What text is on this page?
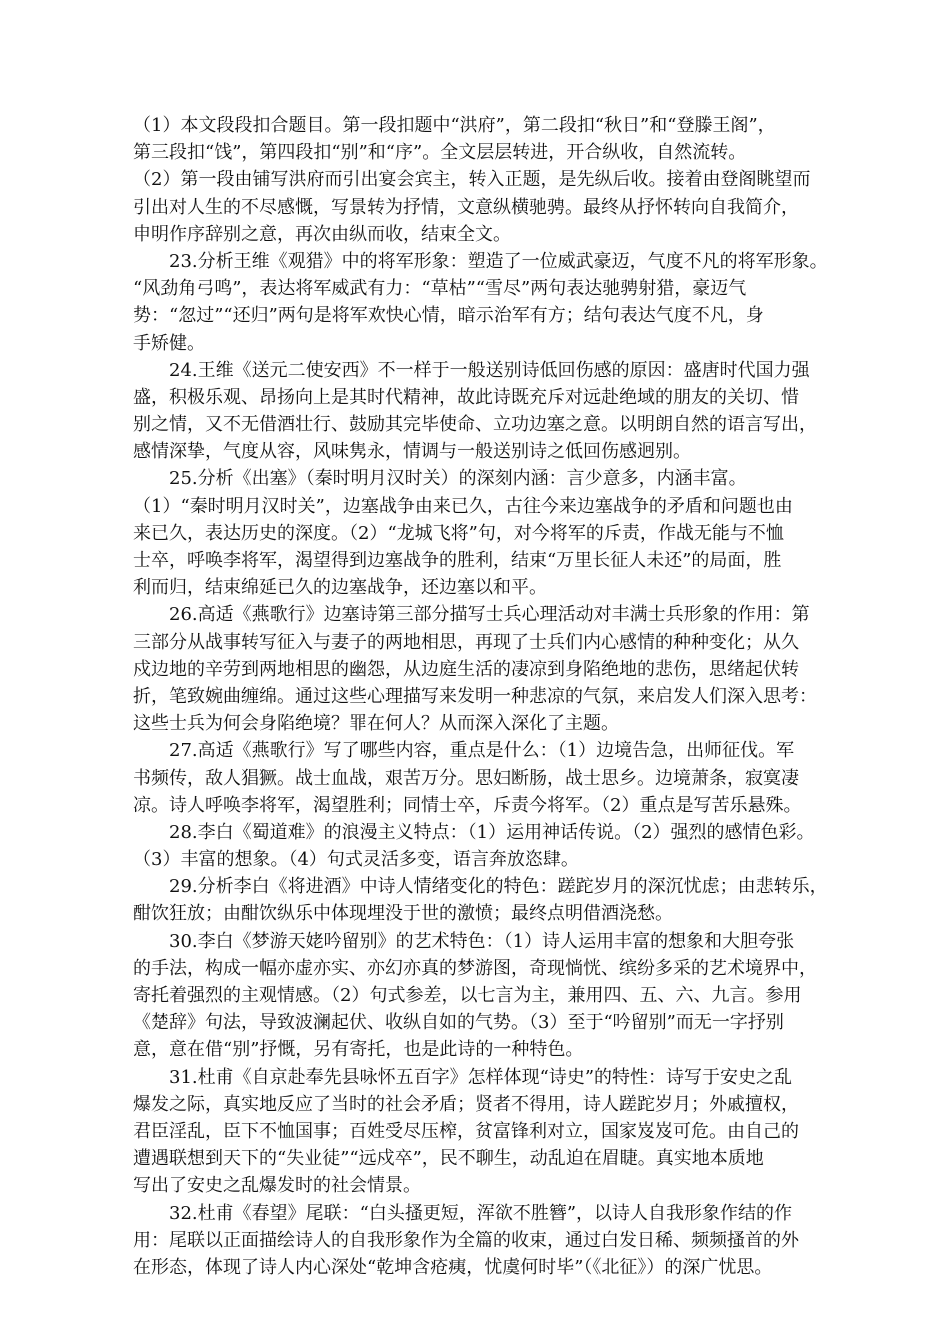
（1）本文段段扣合题目。第一段扣题中“洪府”，第二段扣“秋日”和“登滕王阁”，
第三段扣“饯”，第四段扣“别”和“序”。全文层层转进，开合纵收，自然流转。
（2）第一段由铺写洪府而引出宴会宾主，转入正题，是先纵后收。接着由登阁眺望而
引出对人生的不尽感慨，写景转为抒情，文意纵横驰骋。最终从抒怀转向自我简介，
申明作序辞别之意，再次由纵而收，结束全文。
23.分析王维《观猎》中的将军形象：塑造了一位威武豪迈，气度不凡的将军形象。
“风劲角弓鸣”，表达将军威武有力：“草枯”“雪尽”两句表达驰骋射猎，豪迈气
势：“忽过”“还归”两句是将军欢快心情，暗示治军有方；结句表达气度不凡，身
手矫健。
24.王维《送元二使安西》不一样于一般送别诗低回伤感的原因：盛唐时代国力强
盛，积极乐观、昂扬向上是其时代精神，故此诗既充斥对远赴绝域的朋友的关切、惜
别之情，又不无借酒壮行、鼓励其完毕使命、立功边塞之意。以明朗自然的语言写出，
感情深挚，气度从容，风味隽永，情调与一般送别诗之低回伤感迥别。
25.分析《出塞》（秦时明月汉时关）的深刻内涵：言少意多，内涵丰富。
（1）“秦时明月汉时关”，边塞战争由来已久，古往今来边塞战争的矛盾和问题也由
来已久，表达历史的深度。（2）“龙城飞将”句，对今将军的斥责，作战无能与不恤
士卒，呼唤李将军，渴望得到边塞战争的胜利，结束“万里长征人未还”的局面，胜
利而归，结束绵延已久的边塞战争，还边塞以和平。
26.高适《燕歌行》边塞诗第三部分描写士兵心理活动对丰满士兵形象的作用：第
三部分从战事转写征入与妻子的两地相思，再现了士兵们内心感情的种种变化；从久
戍边地的辛劳到两地相思的幽怨，从边庭生活的凄凉到身陷绝地的悲伤，思绪起伏转
折，笔致婉曲缠绵。通过这些心理描写来发明一种悲凉的气氛，来启发人们深入思考：
这些士兵为何会身陷绝境？罪在何人？从而深入深化了主题。
27.高适《燕歌行》写了哪些内容，重点是什么：（1）边境告急，出师征伐。军
书频传，敌人猖獗。战士血战，艰苦万分。思妇断肠，战士思乡。边境萧条，寂寞凄
凉。诗人呼唤李将军，渴望胜利；同情士卒，斥责今将军。（2）重点是写苦乐悬殊。
28.李白《蜀道难》的浪漫主义特点：（1）运用神话传说。（2）强烈的感情色彩。
（3）丰富的想象。（4）句式灵活多变，语言奔放恣肆。
29.分析李白《将进酒》中诗人情绪变化的特色：蹉跎岁月的深沉忧虑；由悲转乐，
酣饮狂放；由酣饮纵乐中体现埋没于世的激愤；最终点明借酒浇愁。
30.李白《梦游天姥吟留别》的艺术特色：（1）诗人运用丰富的想象和大胆夸张
的手法，构成一幅亦虚亦实、亦幻亦真的梦游图，奇现惝恍、缤纷多采的艺术境界中，
寄托着强烈的主观情感。（2）句式参差，以七言为主，兼用四、五、六、九言。参用
《楚辞》句法，导致波澜起伏、收纵自如的气势。（3）至于“吟留别”而无一字抒别
意，意在借“别”抒慨，另有寄托，也是此诗的一种特色。
31.杜甫《自京赴奉先县咏怀五百字》怎样体现“诗史”的特性：诗写于安史之乱
爆发之际，真实地反应了当时的社会矛盾；贤者不得用，诗人蹉跎岁月；外戚擅权，
君臣淫乱，臣下不恤国事；百姓受尽压榨，贫富锋利对立，国家岌岌可危。由自己的
遭遇联想到天下的“失业徒”“远戍卒”，民不聊生，动乱迫在眉睫。真实地本质地
写出了安史之乱爆发时的社会情景。
32.杜甫《春望》尾联：“白头搔更短，浑欲不胜簪”，以诗人自我形象作结的作
用：尾联以正面描绘诗人的自我形象作为全篇的收束，通过白发日稀、频频搔首的外
在形态，体现了诗人内心深处“乾坤含疮痍，忧虞何时毕”（《北征》）的深广忧思。
